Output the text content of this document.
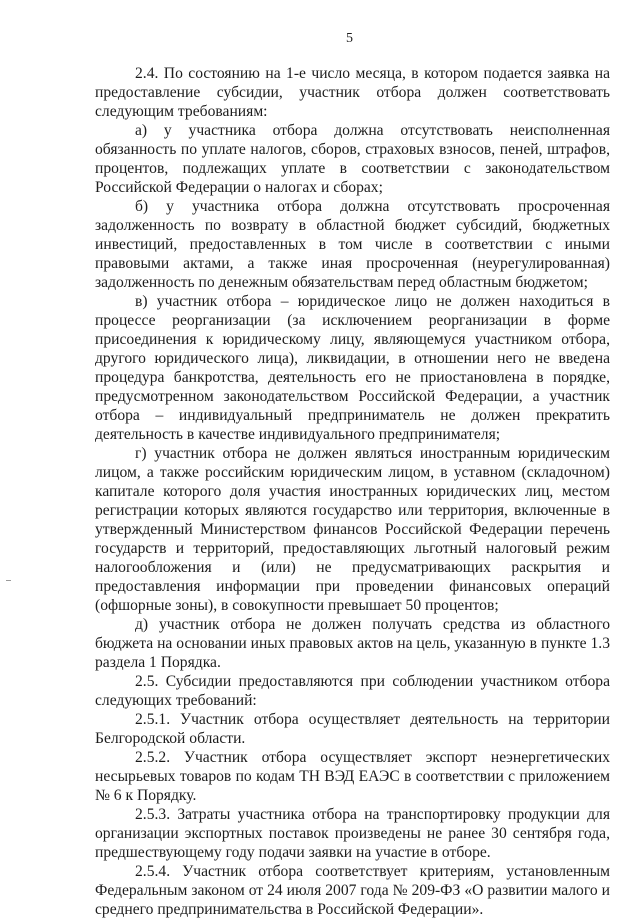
5

2.4. По состоянию на 1-е число месяца, в котором подается заявка на предоставление субсидии, участник отбора должен соответствовать следующим требованиям:

а) у участника отбора должна отсутствовать неисполненная обязанность по уплате налогов, сборов, страховых взносов, пеней, штрафов, процентов, подлежащих уплате в соответствии с законодательством Российской Федерации о налогах и сборах;

б) у участника отбора должна отсутствовать просроченная задолженность по возврату в областной бюджет субсидий, бюджетных инвестиций, предоставленных в том числе в соответствии с иными правовыми актами, а также иная просроченная (неурегулированная) задолженность по денежным обязательствам перед областным бюджетом;

в) участник отбора – юридическое лицо не должен находиться в процессе реорганизации (за исключением реорганизации в форме присоединения к юридическому лицу, являющемуся участником отбора, другого юридического лица), ликвидации, в отношении него не введена процедура банкротства, деятельность его не приостановлена в порядке, предусмотренном законодательством Российской Федерации, а участник отбора – индивидуальный предприниматель не должен прекратить деятельность в качестве индивидуального предпринимателя;

г) участник отбора не должен являться иностранным юридическим лицом, а также российским юридическим лицом, в уставном (складочном) капитале которого доля участия иностранных юридических лиц, местом регистрации которых являются государство или территория, включенные в утвержденный Министерством финансов Российской Федерации перечень государств и территорий, предоставляющих льготный налоговый режим налогообложения и (или) не предусматривающих раскрытия и предоставления информации при проведении финансовых операций (офшорные зоны), в совокупности превышает 50 процентов;

д) участник отбора не должен получать средства из областного бюджета на основании иных правовых актов на цель, указанную в пункте 1.3 раздела 1 Порядка.

2.5. Субсидии предоставляются при соблюдении участником отбора следующих требований:

2.5.1. Участник отбора осуществляет деятельность на территории Белгородской области.

2.5.2. Участник отбора осуществляет экспорт неэнергетических несырьевых товаров по кодам ТН ВЭД ЕАЭС в соответствии с приложением № 6 к Порядку.

2.5.3. Затраты участника отбора на транспортировку продукции для организации экспортных поставок произведены не ранее 30 сентября года, предшествующему году подачи заявки на участие в отборе.

2.5.4. Участник отбора соответствует критериям, установленным Федеральным законом от 24 июля 2007 года № 209-ФЗ «О развитии малого и среднего предпринимательства в Российской Федерации».
